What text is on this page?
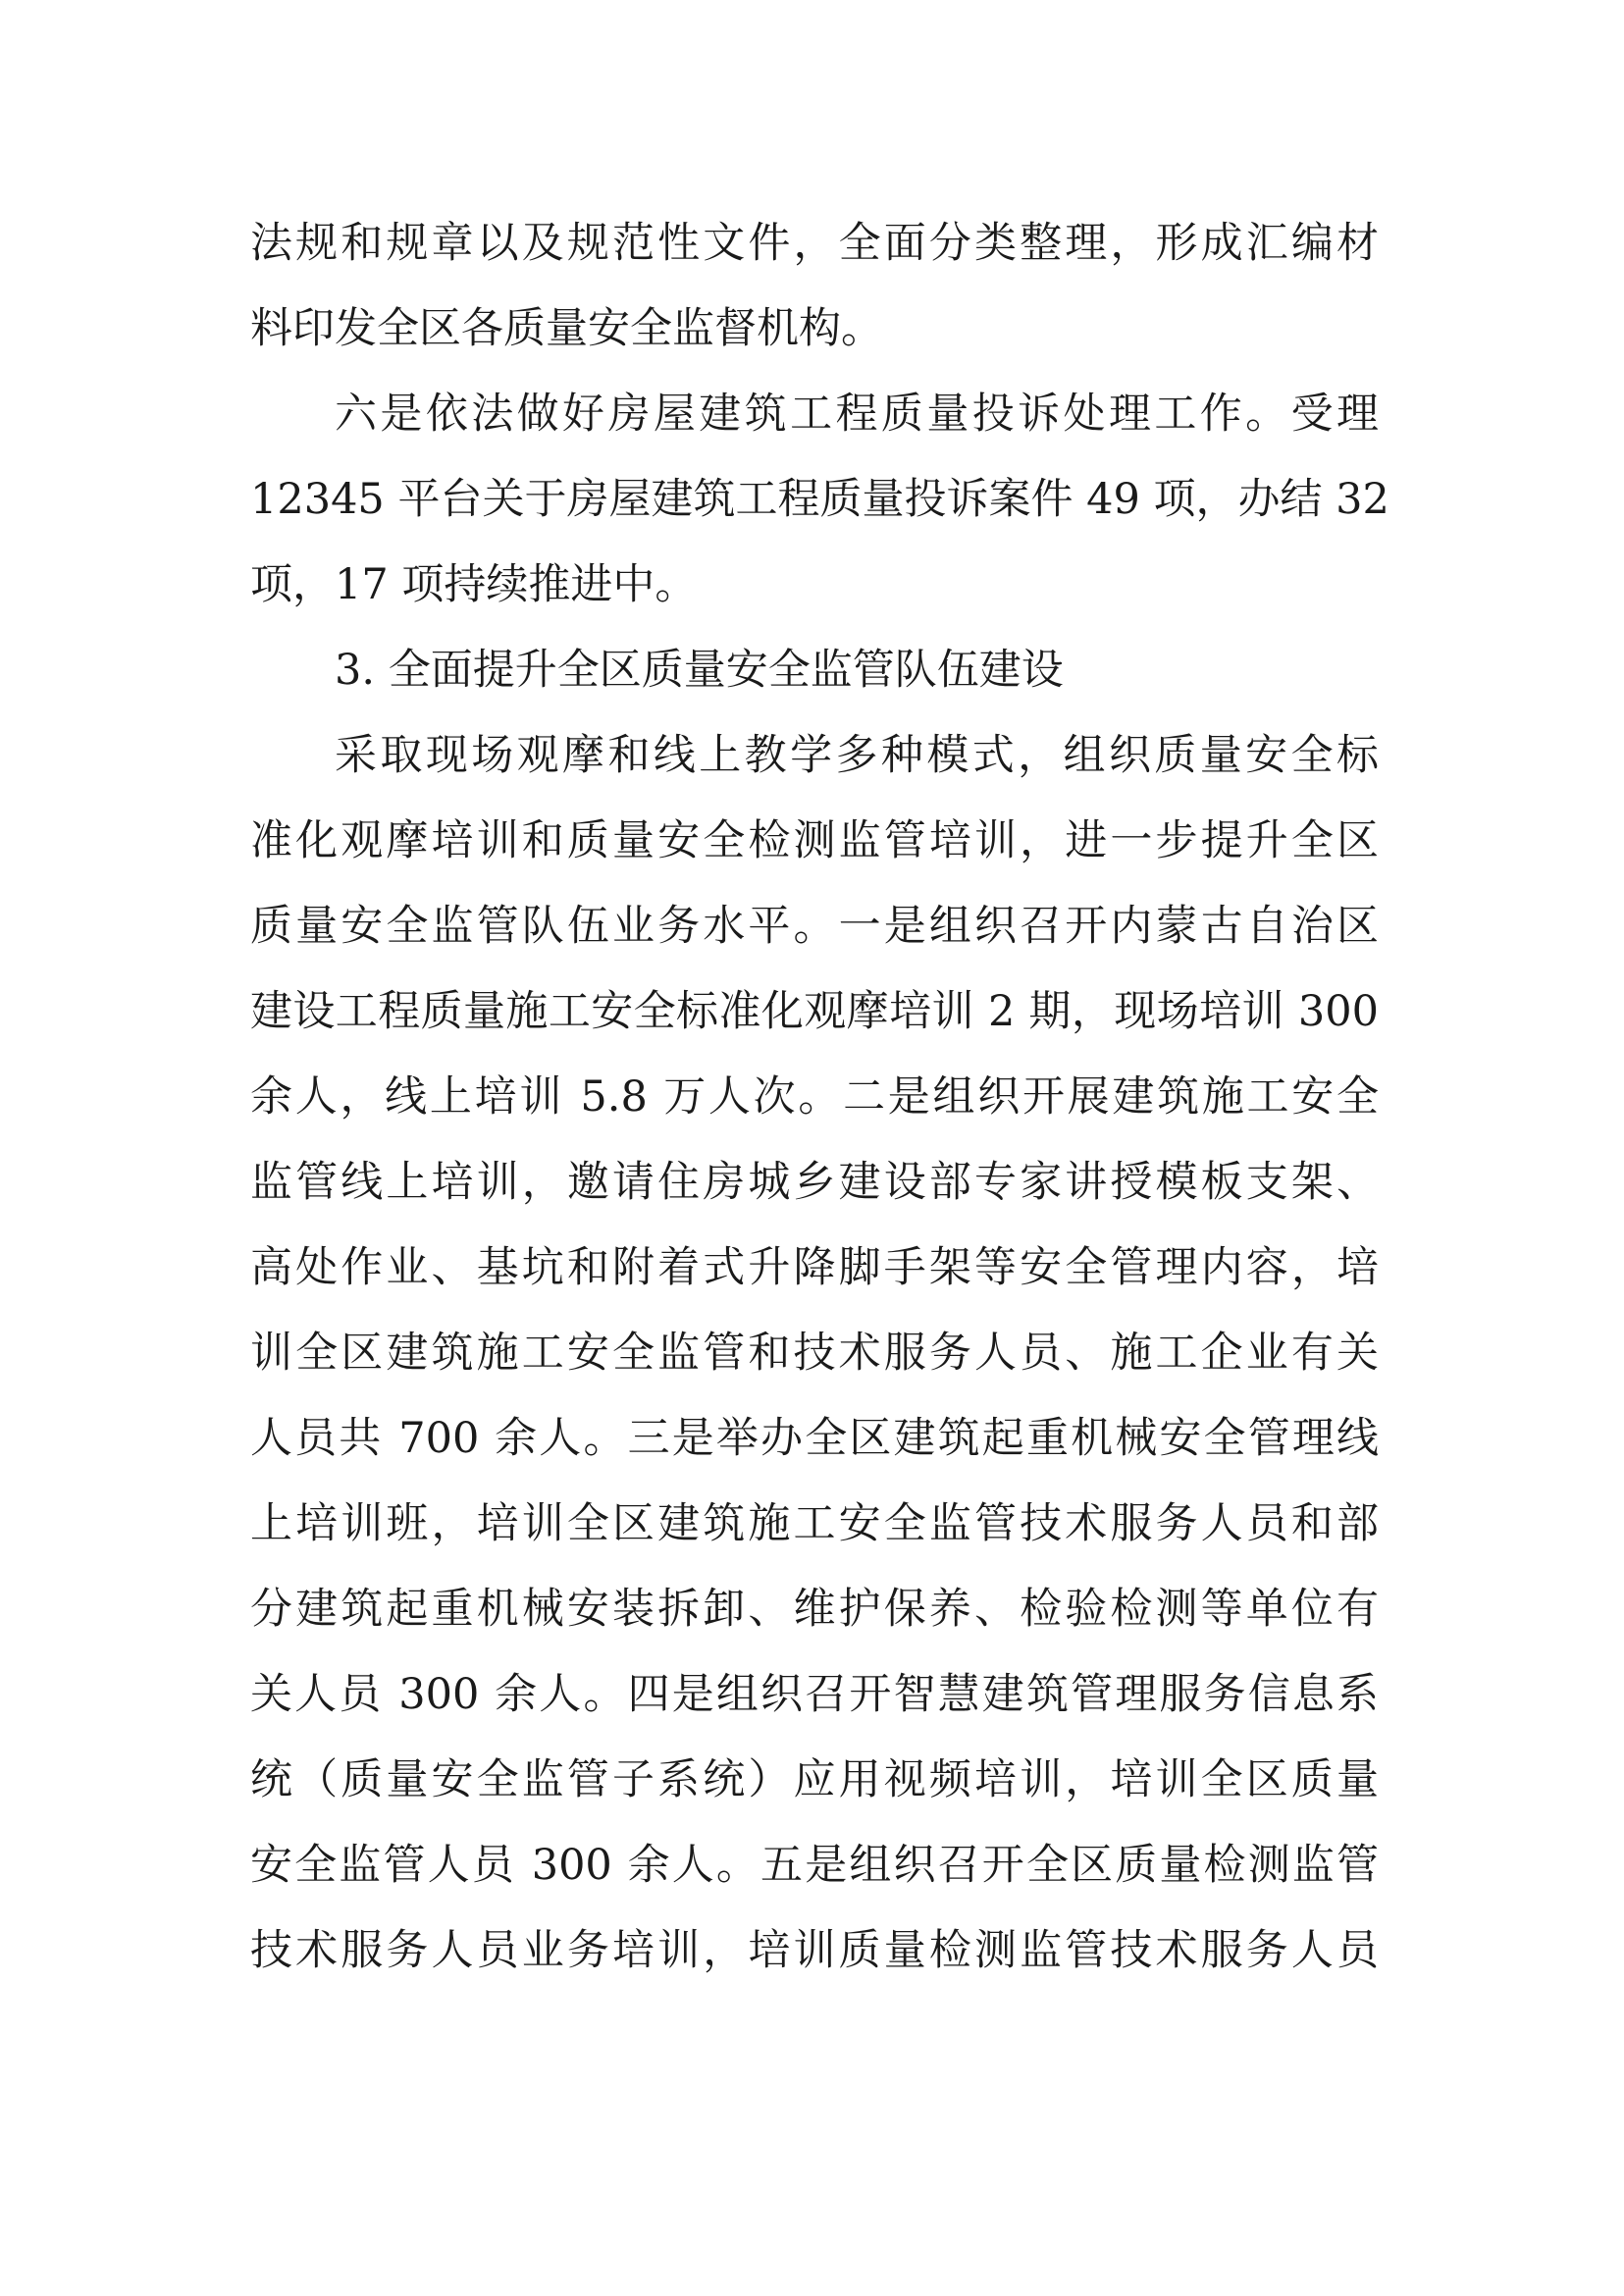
法规和规章以及规范性文件，全面分类整理，形成汇编材
料印发全区各质量安全监督机构。
六是依法做好房屋建筑工程质量投诉处理工作。受理
12345 平台关于房屋建筑工程质量投诉案件 49 项，办结 32
项，17 项持续推进中。
3. 全面提升全区质量安全监管队伍建设
采取现场观摩和线上教学多种模式，组织质量安全标
准化观摩培训和质量安全检测监管培训，进一步提升全区
质量安全监管队伍业务水平。一是组织召开内蒙古自治区
建设工程质量施工安全标准化观摩培训 2 期，现场培训 300
余人，线上培训 5.8 万人次。二是组织开展建筑施工安全
监管线上培训，邀请住房城乡建设部专家讲授模板支架、
高处作业、基坑和附着式升降脚手架等安全管理内容，培
训全区建筑施工安全监管和技术服务人员、施工企业有关
人员共 700 余人。三是举办全区建筑起重机械安全管理线
上培训班，培训全区建筑施工安全监管技术服务人员和部
分建筑起重机械安装拆卸、维护保养、检验检测等单位有
关人员 300 余人。四是组织召开智慧建筑管理服务信息系
统（质量安全监管子系统）应用视频培训，培训全区质量
安全监管人员 300 余人。五是组织召开全区质量检测监管
技术服务人员业务培训，培训质量检测监管技术服务人员
